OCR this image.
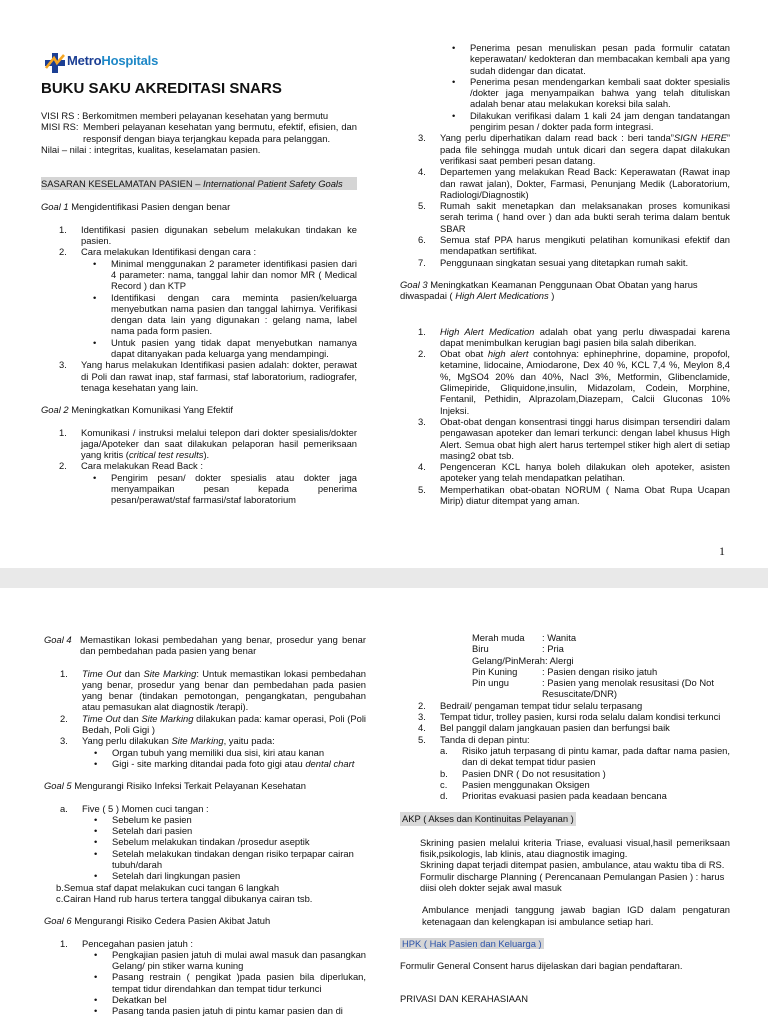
MetroHospitals
BUKU SAKU AKREDITASI SNARS

VISI RS : Berkomitmen memberi pelayanan kesehatan yang bermutu

MISI RS: Memberi pelayanan kesehatan yang bermutu, efektif, efisien, dan responsif dengan biaya terjangkau kepada para pelanggan.

Nilai – nilai : integritas, kualitas, keselamatan pasien.

SASARAN KESELAMATAN PASIEN – International Patient Safety Goals

Goal 1 Mengidentifikasi Pasien dengan benar

1.	Identifikasi pasien digunakan sebelum melakukan tindakan ke pasien.
2.	Cara melakukan Identifikasi dengan cara :
•	Minimal menggunakan 2 parameter identifikasi pasien dari 4 parameter: nama, tanggal lahir dan nomor MR ( Medical Record ) dan KTP
•	Identifikasi dengan cara meminta pasien/keluarga menyebutkan nama pasien dan tanggal lahirnya. Verifikasi dengan data lain yang digunakan : gelang nama, label nama pada form pasien.
•	Untuk pasien yang tidak dapat menyebutkan namanya dapat ditanyakan pada keluarga yang mendampingi.
3.	Yang harus melakukan Identifikasi pasien adalah: dokter, perawat di Poli dan rawat inap, staf farmasi, staf laboratorium, radiografer, tenaga kesehatan yang lain.

Goal 2 Meningkatkan Komunikasi Yang Efektif

1.	Komunikasi / instruksi melalui telepon dari dokter spesialis/dokter jaga/Apoteker dan saat dilakukan pelaporan hasil pemeriksaan yang kritis (critical test results).
2.	Cara melakukan Read Back :
•	Pengirim pesan/ dokter spesialis atau dokter jaga menyampaikan pesan kepada penerima pesan/perawat/staf farmasi/staf laboratorium
•	Penerima pesan menuliskan pesan pada formulir catatan keperawatan/ kedokteran dan membacakan kembali apa yang sudah didengar dan dicatat.
•	Penerima pesan mendengarkan kembali saat dokter spesialis /dokter jaga menyampaikan bahwa yang telah dituliskan adalah benar atau melakukan koreksi bila salah.
•	Dilakukan verifikasi dalam 1 kali 24 jam dengan tandatangan pengirim pesan / dokter pada form integrasi.
3.	Yang perlu diperhatikan dalam read back : beri tanda”SIGN HERE” pada file sehingga mudah untuk dicari dan segera dapat dilakukan verifikasi saat pemberi pesan datang.
4.	Departemen yang melakukan Read Back: Keperawatan (Rawat inap dan rawat jalan), Dokter, Farmasi, Penunjang Medik (Laboratorium, Radiologi/Diagnostik)
5.	Rumah sakit menetapkan dan melaksanakan proses komunikasi serah terima ( hand over ) dan ada bukti serah terima dalam bentuk SBAR
6.	Semua staf PPA harus mengikuti pelatihan komunikasi efektif dan mendapatkan sertifikat.
7.	Penggunaan singkatan sesuai yang ditetapkan rumah sakit.

Goal 3 Meningkatkan Keamanan Penggunaan Obat Obatan yang harus diwaspadai ( High Alert Medications )

1.	High Alert Medication adalah obat yang perlu diwaspadai karena dapat menimbulkan kerugian bagi pasien bila salah diberikan.
2.	Obat obat high alert contohnya: ephinephrine, dopamine, propofol, ketamine, lidocaine, Amiodarone, Dex 40 %, KCL 7,4 %, Meylon 8,4 %, MgSO4 20% dan 40%, Nacl 3%, Metformin, Glibenclamide, Glimepiride, Gliquidone,insulin, Midazolam, Codein, Morphine, Fentanil, Pethidin, Alprazolam,Diazepam, Calcii Gluconas 10% Injeksi.
3.	Obat-obat dengan konsentrasi tinggi harus disimpan tersendiri dalam pengawasan apoteker dan lemari terkunci: dengan label khusus High Alert. Semua obat high alert harus tertempel stiker high alert di setiap masing2 obat tsb.
4.	Pengenceran KCL hanya boleh dilakukan oleh apoteker, asisten apoteker yang telah mendapatkan pelatihan.
5.	Memperhatikan obat-obatan NORUM ( Nama Obat Rupa Ucapan Mirip) diatur ditempat yang aman.
1
Goal 4 Memastikan lokasi pembedahan yang benar, prosedur yang benar dan pembedahan pada pasien yang benar
1.	Time Out dan Site Marking: Untuk memastikan lokasi pembedahan yang benar, prosedur yang benar dan pembedahan pada pasien yang benar (tindakan pemotongan, pengangkatan, pengubahan atau pemasukan alat diagnostik /terapi).
2.	Time Out dan Site Marking dilakukan pada: kamar operasi, Poli (Poli Bedah, Poli Gigi )
3.	Yang perlu dilakukan Site Marking, yaitu pada:
•	Organ tubuh yang memiliki dua sisi, kiri atau kanan
•	Gigi - site marking ditandai pada foto gigi atau dental chart

Goal 5 Mengurangi Risiko Infeksi Terkait Pelayanan Kesehatan

a.	Five ( 5 ) Momen cuci tangan :
•	Sebelum ke pasien
•	Setelah dari pasien
•	Sebelum melakukan tindakan /prosedur aseptik
•	Setelah melakukan tindakan dengan risiko terpapar cairan tubuh/darah
•	Setelah dari lingkungan pasien

b.Semua staf dapat melakukan cuci tangan 6 langkah

c.Cairan Hand rub harus tertera tanggal dibukanya cairan tsb.

Goal 6 Mengurangi Risiko Cedera Pasien Akibat Jatuh

1.	Pencegahan pasien jatuh :
•	Pengkajian pasien jatuh di mulai awal masuk dan pasangkan Gelang/ pin stiker warna kuning
•	Pasang restrain ( pengikat )pada pasien bila diperlukan, tempat tidur direndahkan dan tempat tidur terkunci
•	Dekatkan bel
•	Pasang tanda pasien jatuh di pintu kamar pasien dan di
Merah muda	: Wanita
Biru	: Pria
Gelang/PinMerah: Alergi
Pin Kuning	: Pasien dengan risiko jatuh
Pin ungu	: Pasien yang menolak resusitasi (Do Not Resuscitate/DNR)
2.	Bedrail/ pengaman tempat tidur selalu terpasang
3.	Tempat tidur, trolley pasien, kursi roda selalu dalam kondisi terkunci
4.	Bel panggil dalam jangkauan pasien dan berfungsi baik
5.	Tanda di depan pintu:
a.	Risiko jatuh terpasang di pintu kamar, pada daftar nama pasien, dan di dekat tempat tidur pasien
b.	Pasien DNR ( Do not resusitation )
c.	Pasien menggunakan Oksigen
d.	Prioritas evakuasi pasien pada keadaan bencana

AKP ( Akses dan Kontinuitas Pelayanan )

Skrining pasien melalui kriteria Triase, evaluasi visual,hasil pemeriksaan fisik,psikologis, lab klinis, atau diagnostik imaging.

Skrining dapat terjadi ditempat pasien, ambulance, atau waktu tiba di RS.

Formulir discharge Planning ( Perencanaan Pemulangan Pasien ) : harus diisi oleh dokter sejak awal masuk

Ambulance menjadi tanggung jawab bagian IGD dalam pengaturan ketenagaan dan kelengkapan isi ambulance setiap hari.

HPK ( Hak Pasien dan Keluarga )

Formulir General Consent harus dijelaskan dari bagian pendaftaran.

PRIVASI DAN KERAHASIAAN
